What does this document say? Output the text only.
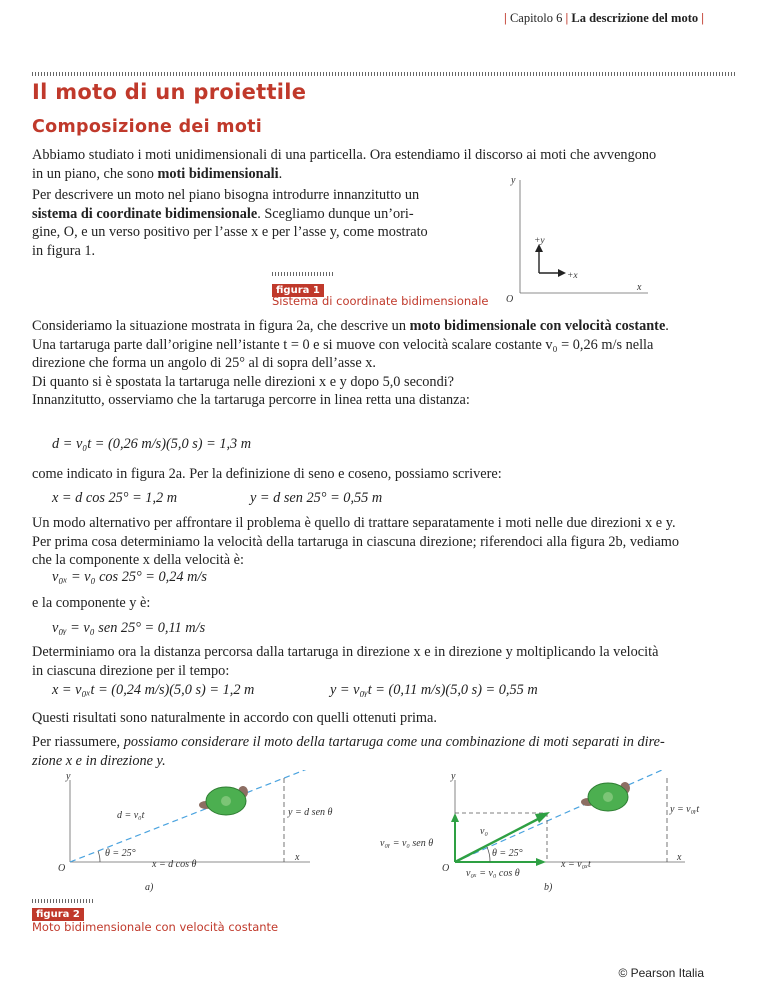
| Capitolo 6 | La descrizione del moto |
Il moto di un proiettile
Composizione dei moti
Abbiamo studiato i moti unidimensionali di una particella. Ora estendiamo il discorso ai moti che avvengono
in un piano, che sono moti bidimensionali.
Per descrivere un moto nel piano bisogna introdurre innanzitutto un
sistema di coordinate bidimensionale. Scegliamo dunque un’ori-
gine, O, e un verso positivo per l’asse x e per l’asse y, come mostrato
in figura 1.
figura 1
Sistema di coordinate bidimensionale
y
x
O
+y
+x
Consideriamo la situazione mostrata in figura 2a, che descrive un moto bidimensionale con velocità costante.
Una tartaruga parte dall’origine nell’istante t = 0 e si muove con velocità scalare costante v₀ = 0,26 m/s nella
direzione che forma un angolo di 25° al di sopra dell’asse x.
Di quanto si è spostata la tartaruga nelle direzioni x e y dopo 5,0 secondi?
Innanzitutto, osserviamo che la tartaruga percorre in linea retta una distanza:
d = v₀t = (0,26 m/s)(5,0 s) = 1,3 m
come indicato in figura 2a. Per la definizione di seno e coseno, possiamo scrivere:
x = d cos 25° = 1,2 m	y = d sen 25° = 0,55 m
Un modo alternativo per affrontare il problema è quello di trattare separatamente i moti nelle due direzioni x e y.
Per prima cosa determiniamo la velocità della tartaruga in ciascuna direzione; riferendoci alla figura 2b, vediamo
che la componente x della velocità è:
v₀ₓ = v₀ cos 25° = 0,24 m/s
e la componente y è:
v₀ᵧ = v₀ sen 25° = 0,11 m/s
Determiniamo ora la distanza percorsa dalla tartaruga in direzione x e in direzione y moltiplicando la velocità
in ciascuna direzione per il tempo:
x = v₀ₓt = (0,24 m/s)(5,0 s) = 1,2 m	y = v₀ᵧt = (0,11 m/s)(5,0 s) = 0,55 m
Questi risultati sono naturalmente in accordo con quelli ottenuti prima.
Per riassumere, possiamo considerare il moto della tartaruga come una combinazione di moti separati in dire-
zione x e in direzione y.
y
x
O
d = v₀t	y = d sen θ
θ = 25°
x = d cos θ
a)
y
x
O
y = v₀ᵧt
v₀
v₀ᵧ = v₀ sen θ
θ = 25°
v₀ₓ = v₀ cos θ
x = v₀ₓt
b)
figura 2
Moto bidimensionale con velocità costante
© Pearson Italia
